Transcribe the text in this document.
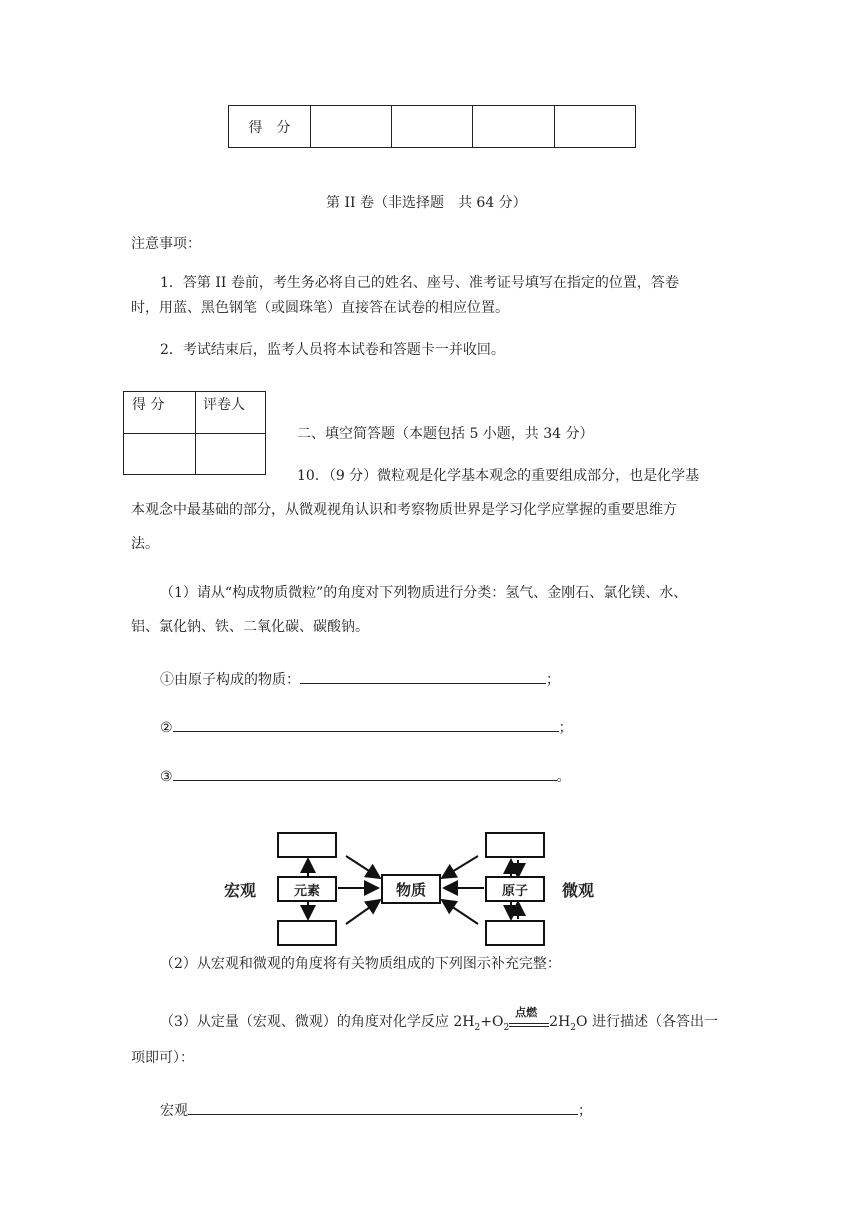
得　分				
第 II 卷（非选择题　共 64 分）
注意事项：
1．答第 II 卷前，考生务必将自己的姓名、座号、准考证号填写在指定的位置，答卷
时，用蓝、黑色钢笔（或圆珠笔）直接答在试卷的相应位置。
2．考试结束后，监考人员将本试卷和答题卡一并收回。
得 分	评卷人

二、填空简答题（本题包括 5 小题，共 34 分）
10．（9 分）微粒观是化学基本观念的重要组成部分，也是化学基
本观念中最基础的部分，从微观视角认识和考察物质世界是学习化学应掌握的重要思维方
法。
（1）请从“构成物质微粒”的角度对下列物质进行分类：氢气、金刚石、氯化镁、水、
铝、氯化钠、铁、二氧化碳、碳酸钠。
①由原子构成的物质：	；
②	；
③	。
宏观	微观
元素	物质	原子
（2）从宏观和微观的角度将有关物质组成的下列图示补充完整：
（3）从定量（宏观、微观）的角度对化学反应 $2H_2+O_2$
点燃
$2H_2O$ 进行描述（各答出一
项即可）：
宏观	；
